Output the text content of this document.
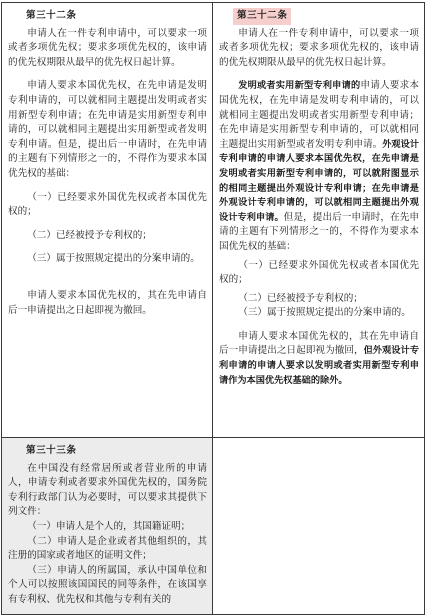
第三十二条

申请人在一件专利申请中，可以要求一项或者多项优先权；要求多项优先权的，该申请的优先权期限从最早的优先权日起计算。

申请人要求本国优先权，在先申请是发明专利申请的，可以就相同主题提出发明或者实用新型专利申请；在先申请是实用新型专利申请的，可以就相同主题提出实用新型或者发明专利申请。但是，提出后一申请时，在先申请的主题有下列情形之一的，不得作为要求本国优先权的基础：

（一）已经要求外国优先权或者本国优先权的；

（二）已经被授予专利权的；

（三）属于按照规定提出的分案申请的。

申请人要求本国优先权的，其在先申请自后一申请提出之日起即视为撤回。

第三十二条

申请人在一件专利申请中，可以要求一项或者多项优先权；要求多项优先权的，该申请的优先权期限从最早的优先权日起计算。

发明或者实用新型专利申请的申请人要求本国优先权，在先申请是发明专利申请的，可以就相同主题提出发明或者实用新型专利申请；在先申请是实用新型专利申请的，可以就相同主题提出实用新型或者发明专利申请。外观设计专利申请的申请人要求本国优先权，在先申请是发明或者实用新型专利申请的，可以就附图显示的相同主题提出外观设计专利申请；在先申请是外观设计专利申请的，可以就相同主题提出外观设计专利申请。但是，提出后一申请时，在先申请的主题有下列情形之一的，不得作为要求本国优先权的基础：

（一）已经要求外国优先权或者本国优先权的；

（二）已经被授予专利权的；

（三）属于按照规定提出的分案申请的。

申请人要求本国优先权的，其在先申请自后一申请提出之日起即视为撤回，但外观设计专利申请的申请人要求以发明或者实用新型专利申请作为本国优先权基础的除外。

第三十三条

在中国没有经常居所或者营业所的申请人，申请专利或者要求外国优先权的，国务院专利行政部门认为必要时，可以要求其提供下列文件：

（一）申请人是个人的，其国籍证明；

（二）申请人是企业或者其他组织的，其注册的国家或者地区的证明文件；

（三）申请人的所属国，承认中国单位和个人可以按照该国国民的同等条件，在该国享有专利权、优先权和其他与专利有关的
